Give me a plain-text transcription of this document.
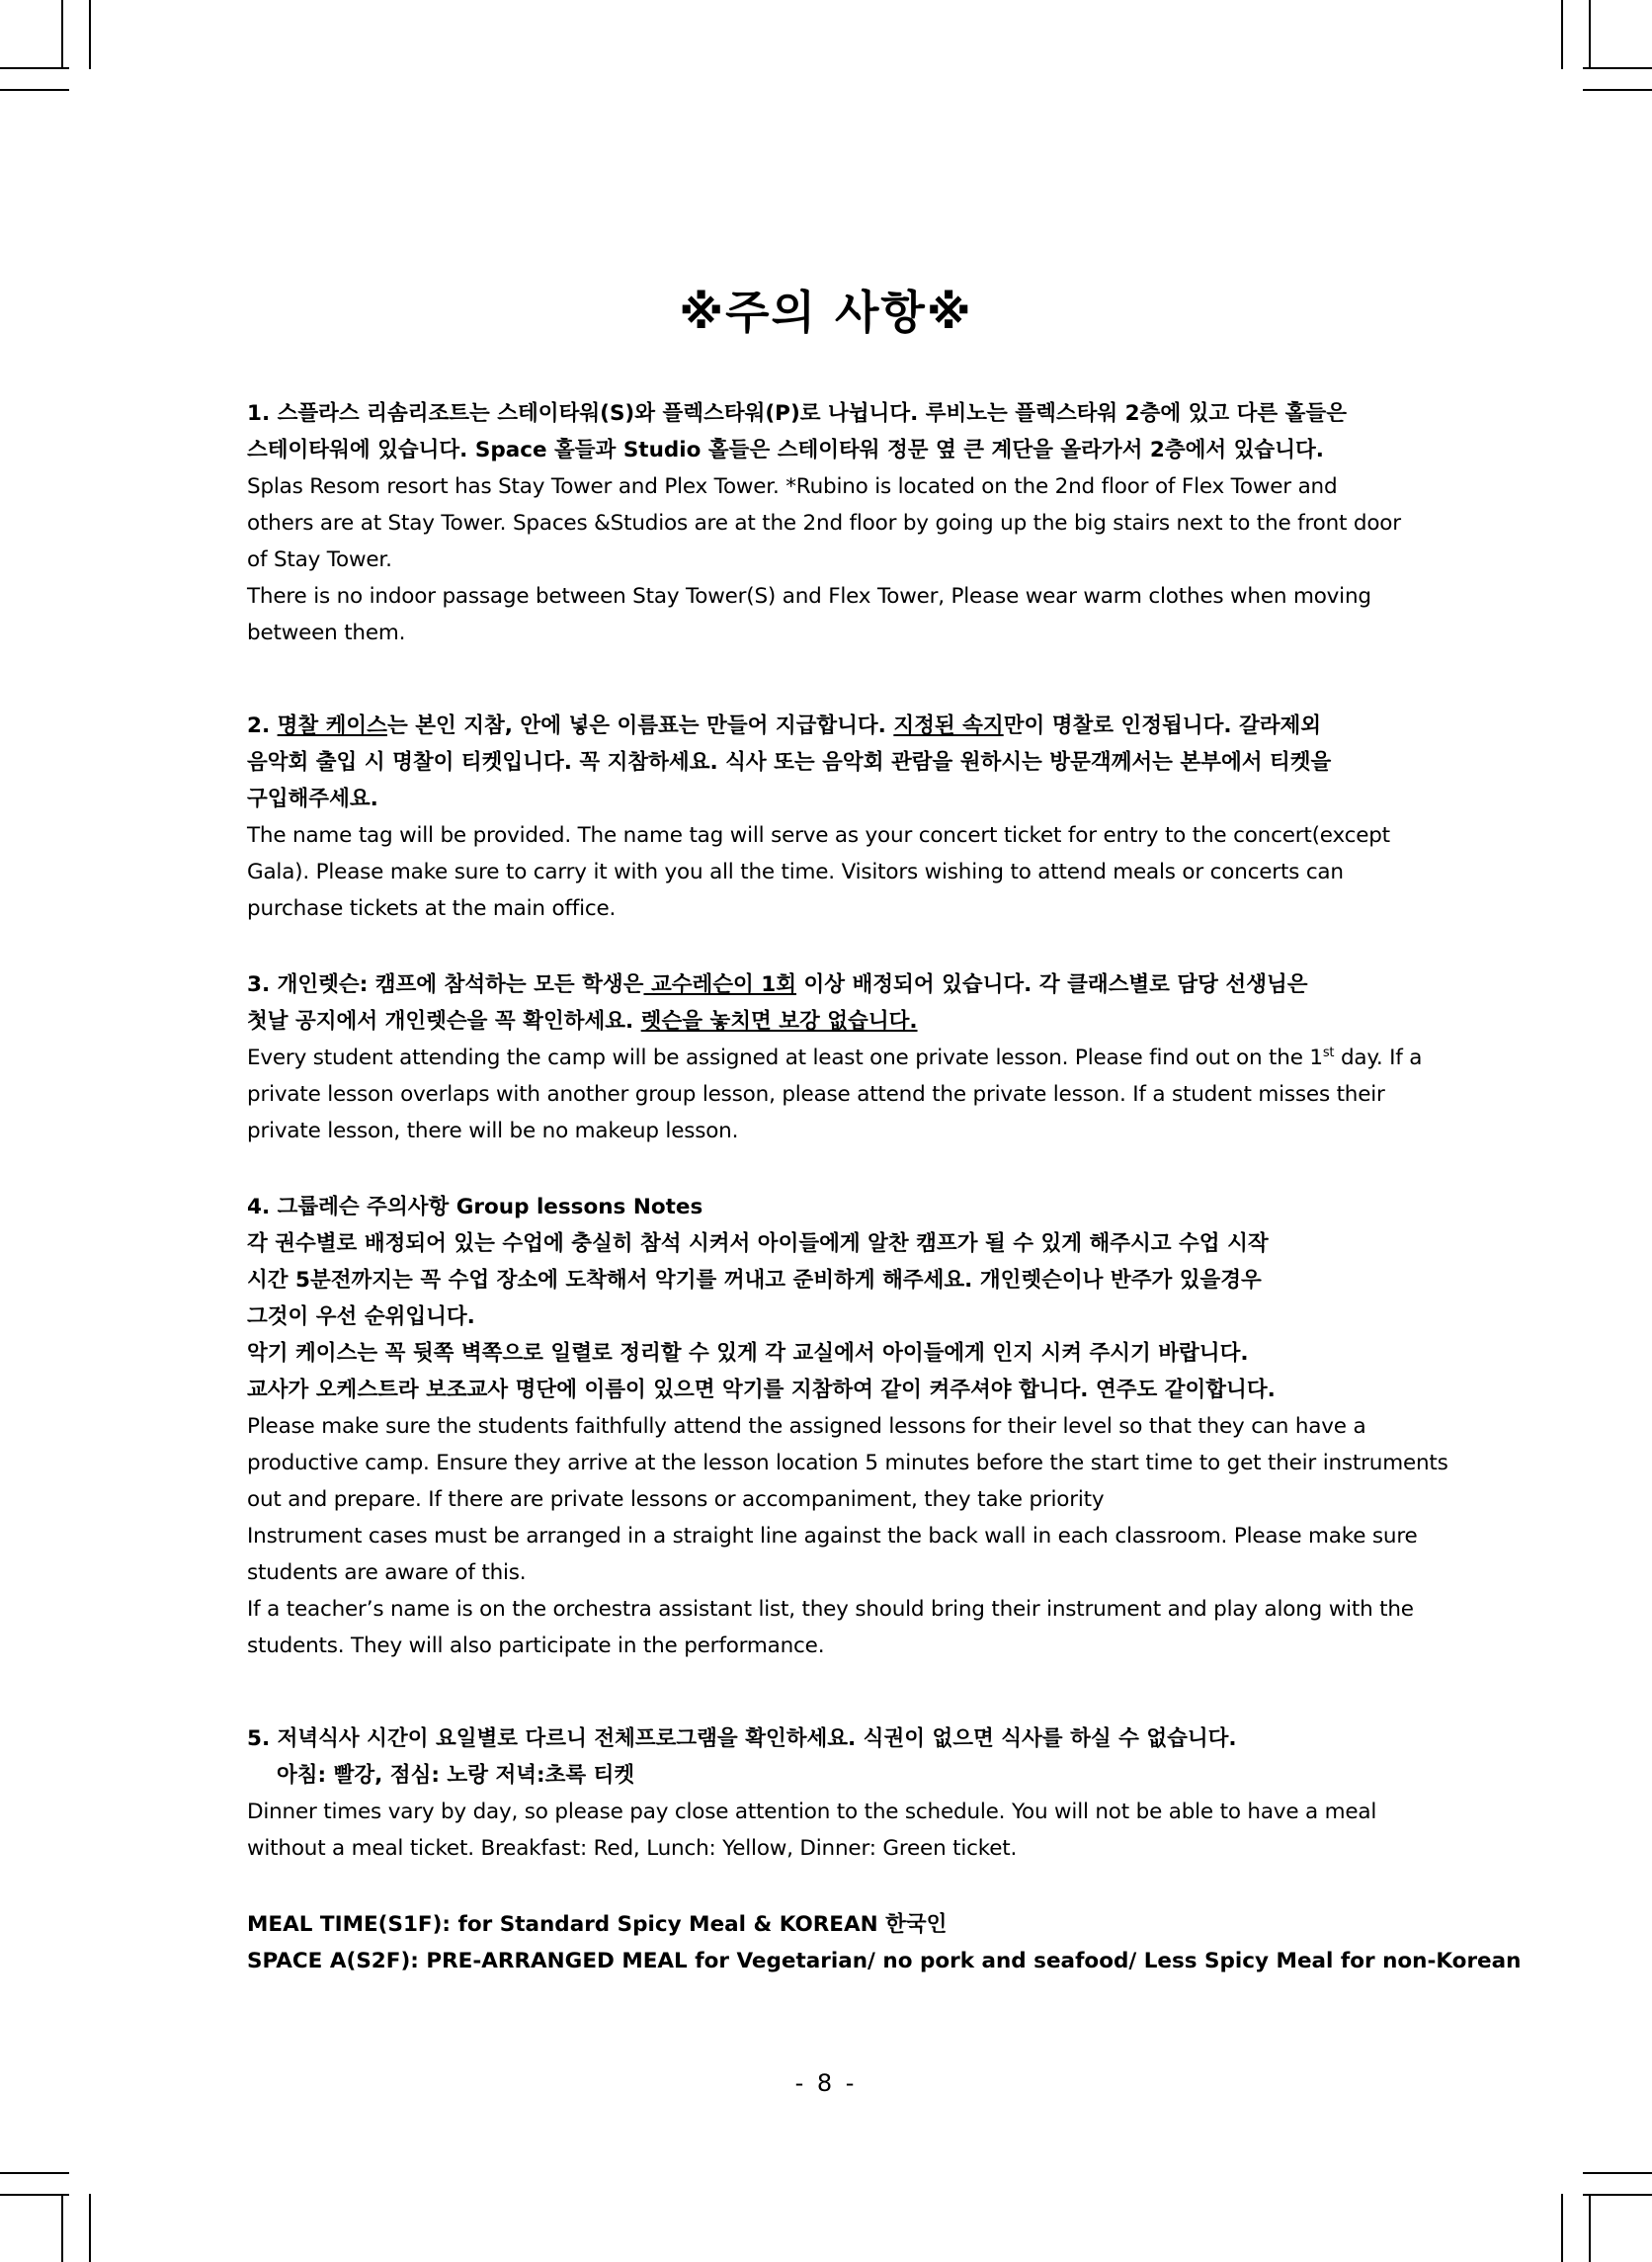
※주의 사항※
1. 스플라스 리솜리조트는 스테이타워(S)와 플렉스타워(P)로 나뉩니다. 루비노는 플렉스타워 2층에 있고 다른 홀들은
스테이타워에 있습니다. Space 홀들과 Studio 홀들은 스테이타워 정문 옆 큰 계단을 올라가서 2층에서 있습니다.
Splas Resom resort has Stay Tower and Plex Tower. *Rubino is located on the 2nd floor of Flex Tower and
others are at Stay Tower. Spaces &Studios are at the 2nd floor by going up the big stairs next to the front door
of Stay Tower.
There is no indoor passage between Stay Tower(S) and Flex Tower, Please wear warm clothes when moving
between them.
2. 명찰 케이스는 본인 지참, 안에 넣은 이름표는 만들어 지급합니다. 지정된 속지만이 명찰로 인정됩니다. 갈라제외
음악회 출입 시 명찰이 티켓입니다. 꼭 지참하세요. 식사 또는 음악회 관람을 원하시는 방문객께서는 본부에서 티켓을
구입해주세요.
The name tag will be provided. The name tag will serve as your concert ticket for entry to the concert(except
Gala). Please make sure to carry it with you all the time. Visitors wishing to attend meals or concerts can
purchase tickets at the main office.
3. 개인렛슨: 캠프에 참석하는 모든 학생은 교수레슨이 1회 이상 배정되어 있습니다. 각 클래스별로 담당 선생님은
첫날 공지에서 개인렛슨을 꼭 확인하세요. 렛슨을 놓치면 보강 없습니다.
Every student attending the camp will be assigned at least one private lesson. Please find out on the 1st day. If a
private lesson overlaps with another group lesson, please attend the private lesson. If a student misses their
private lesson, there will be no makeup lesson.
4. 그룹레슨 주의사항 Group lessons Notes
각 권수별로 배정되어 있는 수업에 충실히 참석 시켜서 아이들에게 알찬 캠프가 될 수 있게 해주시고 수업 시작
시간 5분전까지는 꼭 수업 장소에 도착해서 악기를 꺼내고 준비하게 해주세요. 개인렛슨이나 반주가 있을경우
그것이 우선 순위입니다.
악기 케이스는 꼭 뒷쪽 벽쪽으로 일렬로 정리할 수 있게 각 교실에서 아이들에게 인지 시켜 주시기 바랍니다.
교사가 오케스트라 보조교사 명단에 이름이 있으면 악기를 지참하여 같이 켜주셔야 합니다. 연주도 같이합니다.
Please make sure the students faithfully attend the assigned lessons for their level so that they can have a
productive camp. Ensure they arrive at the lesson location 5 minutes before the start time to get their instruments
out and prepare. If there are private lessons or accompaniment, they take priority
Instrument cases must be arranged in a straight line against the back wall in each classroom. Please make sure
students are aware of this.
If a teacher’s name is on the orchestra assistant list, they should bring their instrument and play along with the
students. They will also participate in the performance.
5. 저녁식사 시간이 요일별로 다르니 전체프로그램을 확인하세요. 식권이 없으면 식사를 하실 수 없습니다.
아침: 빨강, 점심: 노랑 저녁:초록 티켓
Dinner times vary by day, so please pay close attention to the schedule. You will not be able to have a meal
without a meal ticket. Breakfast: Red, Lunch: Yellow, Dinner: Green ticket.
MEAL TIME(S1F): for Standard Spicy Meal & KOREAN 한국인
SPACE A(S2F): PRE-ARRANGED MEAL for Vegetarian/ no pork and seafood/ Less Spicy Meal for non-Korean
- 8 -
